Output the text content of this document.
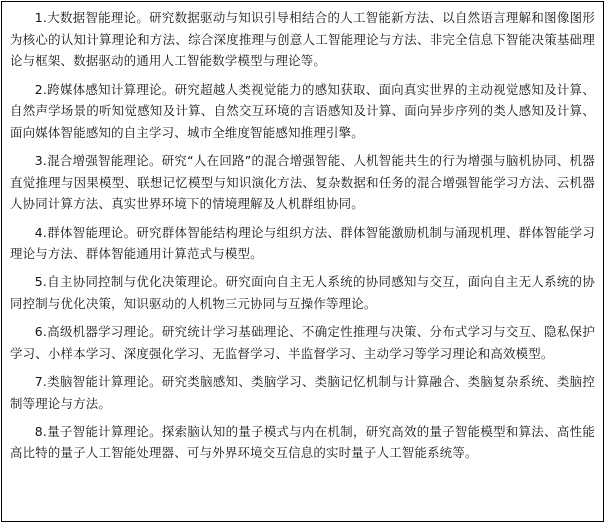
1.大数据智能理论。研究数据驱动与知识引导相结合的人工智能新方法、以自然语言理解和图像图形为核心的认知计算理论和方法、综合深度推理与创意人工智能理论与方法、非完全信息下智能决策基础理论与框架、数据驱动的通用人工智能数学模型与理论等。

2.跨媒体感知计算理论。研究超越人类视觉能力的感知获取、面向真实世界的主动视觉感知及计算、自然声学场景的听知觉感知及计算、自然交互环境的言语感知及计算、面向异步序列的类人感知及计算、面向媒体智能感知的自主学习、城市全维度智能感知推理引擎。

3.混合增强智能理论。研究“人在回路”的混合增强智能、人机智能共生的行为增强与脑机协同、机器直觉推理与因果模型、联想记忆模型与知识演化方法、复杂数据和任务的混合增强智能学习方法、云机器人协同计算方法、真实世界环境下的情境理解及人机群组协同。

4.群体智能理论。研究群体智能结构理论与组织方法、群体智能激励机制与涌现机理、群体智能学习理论与方法、群体智能通用计算范式与模型。

5.自主协同控制与优化决策理论。研究面向自主无人系统的协同感知与交互，面向自主无人系统的协同控制与优化决策，知识驱动的人机物三元协同与互操作等理论。

6.高级机器学习理论。研究统计学习基础理论、不确定性推理与决策、分布式学习与交互、隐私保护学习、小样本学习、深度强化学习、无监督学习、半监督学习、主动学习等学习理论和高效模型。

7.类脑智能计算理论。研究类脑感知、类脑学习、类脑记忆机制与计算融合、类脑复杂系统、类脑控制等理论与方法。

8.量子智能计算理论。探索脑认知的量子模式与内在机制，研究高效的量子智能模型和算法、高性能高比特的量子人工智能处理器、可与外界环境交互信息的实时量子人工智能系统等。
